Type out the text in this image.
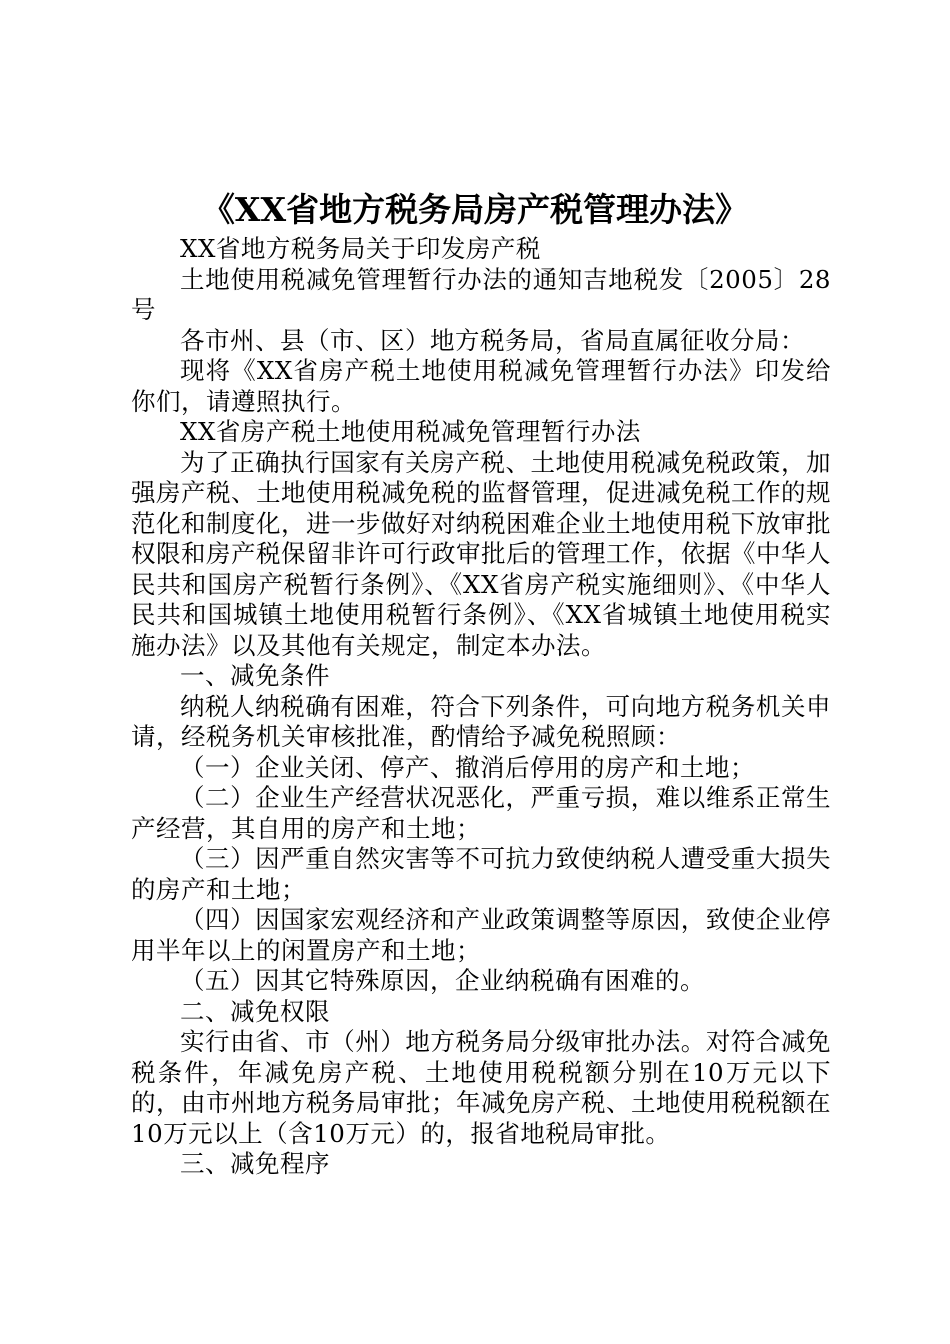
《XX省地方税务局房产税管理办法》

XX省地方税务局关于印发房产税

土地使用税减免管理暂行办法的通知吉地税发〔2005〕28号

各市州、县（市、区）地方税务局，省局直属征收分局：

现将《XX省房产税土地使用税减免管理暂行办法》印发给你们，请遵照执行。

XX省房产税土地使用税减免管理暂行办法

为了正确执行国家有关房产税、土地使用税减免税政策，加强房产税、土地使用税减免税的监督管理，促进减免税工作的规范化和制度化，进一步做好对纳税困难企业土地使用税下放审批权限和房产税保留非许可行政审批后的管理工作，依据《中华人民共和国房产税暂行条例》、《XX省房产税实施细则》、《中华人民共和国城镇土地使用税暂行条例》、《XX省城镇土地使用税实施办法》以及其他有关规定，制定本办法。

一、减免条件

纳税人纳税确有困难，符合下列条件，可向地方税务机关申请，经税务机关审核批准，酌情给予减免税照顾：

（一）企业关闭、停产、撤消后停用的房产和土地；

（二）企业生产经营状况恶化，严重亏损，难以维系正常生产经营，其自用的房产和土地；

（三）因严重自然灾害等不可抗力致使纳税人遭受重大损失的房产和土地；

（四）因国家宏观经济和产业政策调整等原因，致使企业停用半年以上的闲置房产和土地；

（五）因其它特殊原因，企业纳税确有困难的。

二、减免权限

实行由省、市（州）地方税务局分级审批办法。对符合减免税条件，年减免房产税、土地使用税税额分别在10万元以下的，由市州地方税务局审批；年减免房产税、土地使用税税额在10万元以上（含10万元）的，报省地税局审批。

三、减免程序
